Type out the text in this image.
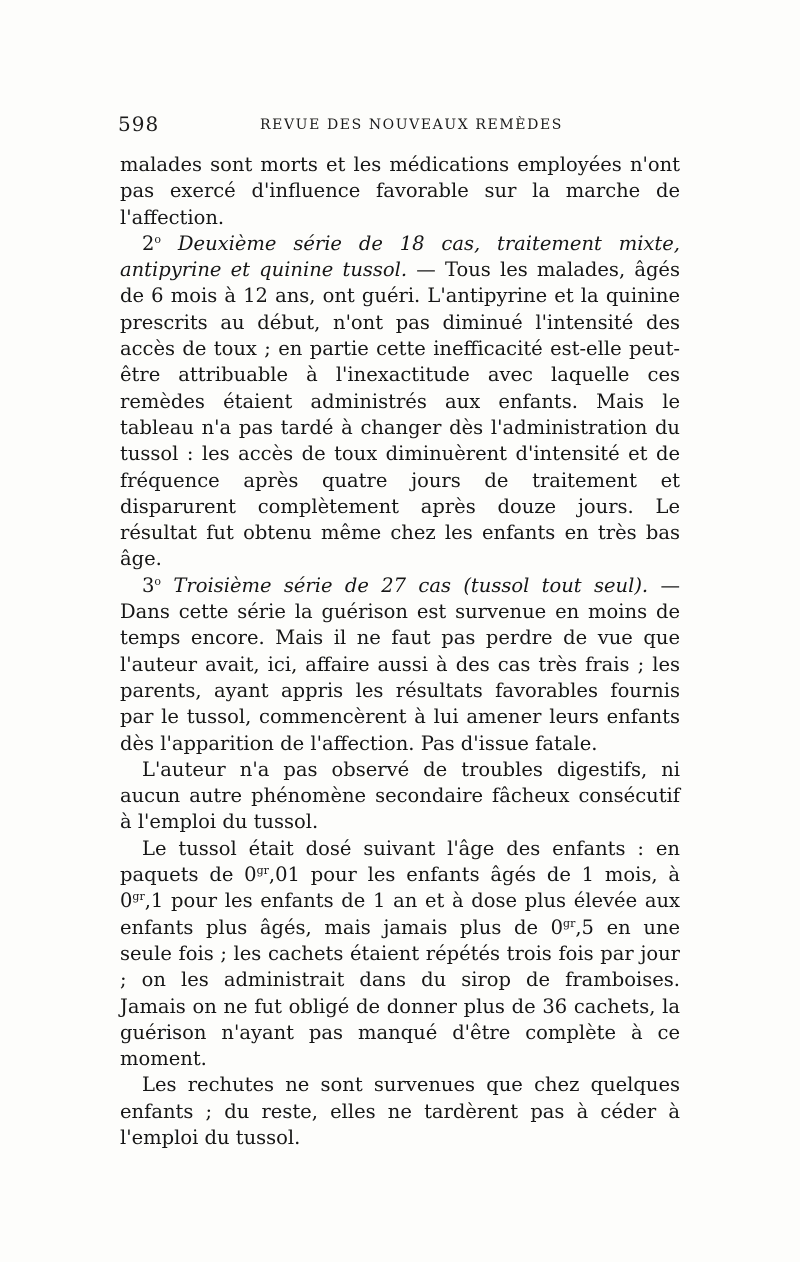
598	REVUE DES NOUVEAUX REMÈDES

malades sont morts et les médications employées n'ont pas exercé d'influence favorable sur la marche de l'affection.

2$^o$ Deuxième série de 18 cas, traitement mixte, antipyrine et quinine tussol. — Tous les malades, âgés de 6 mois à 12 ans, ont guéri. L'antipyrine et la quinine prescrits au début, n'ont pas diminué l'intensité des accès de toux ; en partie cette inefficacité est-elle peut-être attribuable à l'inexactitude avec laquelle ces remèdes étaient administrés aux enfants. Mais le tableau n'a pas tardé à changer dès l'administration du tussol : les accès de toux diminuèrent d'intensité et de fréquence après quatre jours de traitement et disparurent complètement après douze jours. Le résultat fut obtenu même chez les enfants en très bas âge.

3$^o$ Troisième série de 27 cas (tussol tout seul). — Dans cette série la guérison est survenue en moins de temps encore. Mais il ne faut pas perdre de vue que l'auteur avait, ici, affaire aussi à des cas très frais ; les parents, ayant appris les résultats favorables fournis par le tussol, commencèrent à lui amener leurs enfants dès l'apparition de l'affection. Pas d'issue fatale.

L'auteur n'a pas observé de troubles digestifs, ni aucun autre phénomène secondaire fâcheux consécutif à l'emploi du tussol.

Le tussol était dosé suivant l'âge des enfants : en paquets de $0^{gr},01$ pour les enfants âgés de 1 mois, à $0^{gr},1$ pour les enfants de 1 an et à dose plus élevée aux enfants plus âgés, mais jamais plus de $0^{gr},5$ en une seule fois ; les cachets étaient répétés trois fois par jour ; on les administrait dans du sirop de framboises. Jamais on ne fut obligé de donner plus de 36 cachets, la guérison n'ayant pas manqué d'être complète à ce moment.

Les rechutes ne sont survenues que chez quelques enfants ; du reste, elles ne tardèrent pas à céder à l'emploi du tussol.
